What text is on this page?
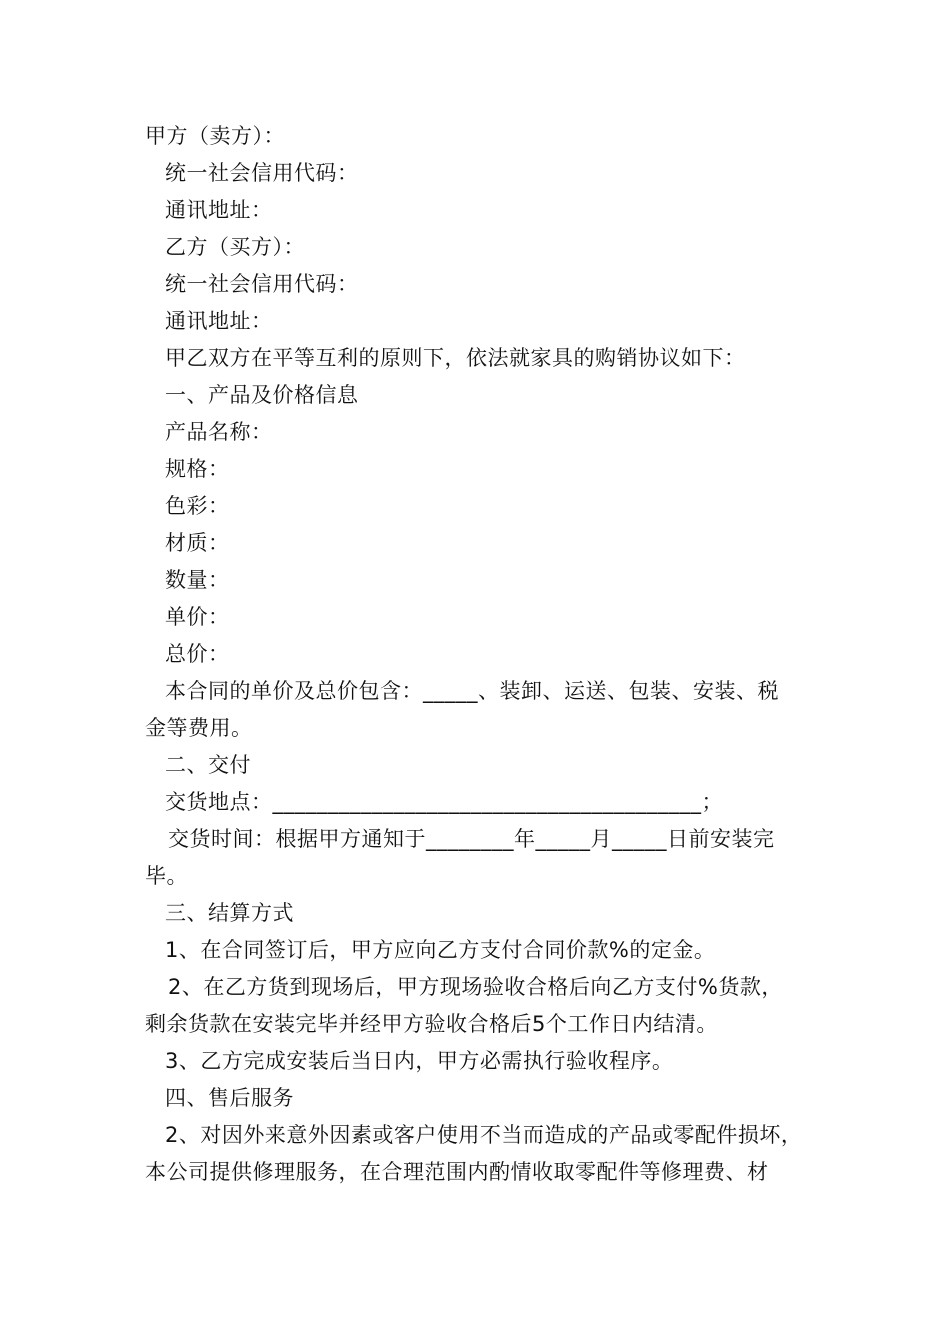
甲方（卖方）：
统一社会信用代码：
通讯地址：
乙方（买方）：
统一社会信用代码：
通讯地址：
甲乙双方在平等互利的原则下，依法就家具的购销协议如下：
一、产品及价格信息
产品名称：
规格：
色彩：
材质：
数量：
单价：
总价：
本合同的单价及总价包含：_____、装卸、运送、包装、安装、税
金等费用。
二、交付
交货地点：_______________________________________；
交货时间：根据甲方通知于________年_____月_____日前安装完
毕。
三、结算方式
1、在合同签订后，甲方应向乙方支付合同价款%的定金。
2、在乙方货到现场后，甲方现场验收合格后向乙方支付%货款，
剩余货款在安装完毕并经甲方验收合格后5个工作日内结清。
3、乙方完成安装后当日内，甲方必需执行验收程序。
四、售后服务
2、对因外来意外因素或客户使用不当而造成的产品或零配件损坏，
本公司提供修理服务，在合理范围内酌情收取零配件等修理费、材
